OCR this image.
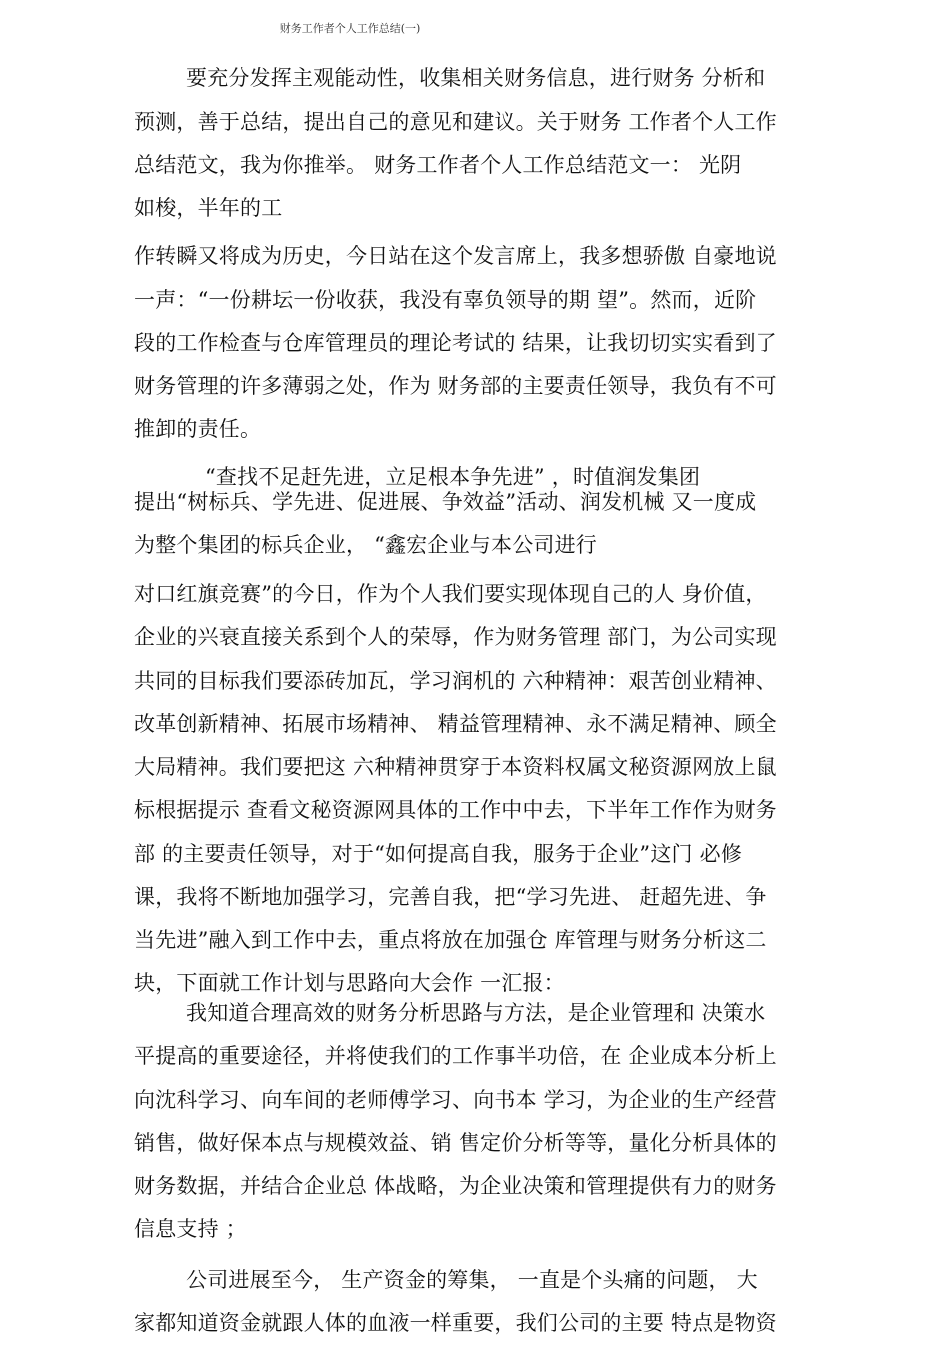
财务工作者个人工作总结(一)
要充分发挥主观能动性，收集相关财务信息，进行财务 分析和
预测，善于总结，提出自己的意见和建议。关于财务 工作者个人工作
总结范文，我为你推举。 财务工作者个人工作总结范文一： 光阴
如梭，半年的工
作转瞬又将成为历史，今日站在这个发言席上，我多想骄傲 自豪地说
一声：“一份耕坛一份收获，我没有辜负领导的期 望”。然而，近阶
段的工作检查与仓库管理员的理论考试的 结果，让我切切实实看到了
财务管理的许多薄弱之处，作为 财务部的主要责任领导，我负有不可
推卸的责任。
“查找不足赶先进，立足根本争先进” ，时值润发集团
提出“树标兵、学先进、促进展、争效益”活动、润发机械 又一度成
为整个集团的标兵企业， “鑫宏企业与本公司进行
对口红旗竞赛”的今日，作为个人我们要实现体现自己的人 身价值，
企业的兴衰直接关系到个人的荣辱，作为财务管理 部门，为公司实现
共同的目标我们要添砖加瓦，学习润机的 六种精神：艰苦创业精神、
改革创新精神、拓展市场精神、 精益管理精神、永不满足精神、顾全
大局精神。我们要把这 六种精神贯穿于本资料权属文秘资源网放上鼠
标根据提示 查看文秘资源网具体的工作中中去，下半年工作作为财务
部 的主要责任领导，对于“如何提高自我，服务于企业”这门 必修
课，我将不断地加强学习，完善自我，把“学习先进、 赶超先进、争
当先进”融入到工作中去，重点将放在加强仓 库管理与财务分析这二
块，下面就工作计划与思路向大会作 一汇报：
我知道合理高效的财务分析思路与方法，是企业管理和 决策水
平提高的重要途径，并将使我们的工作事半功倍，在 企业成本分析上
向沈科学习、向车间的老师傅学习、向书本 学习，为企业的生产经营
销售，做好保本点与规模效益、销 售定价分析等等，量化分析具体的
财务数据，并结合企业总 体战略，为企业决策和管理提供有力的财务
信息支持 ；
公司进展至今， 生产资金的筹集， 一直是个头痛的问题， 大
家都知道资金就跟人体的血液一样重要，我们公司的主要 特点是物资
